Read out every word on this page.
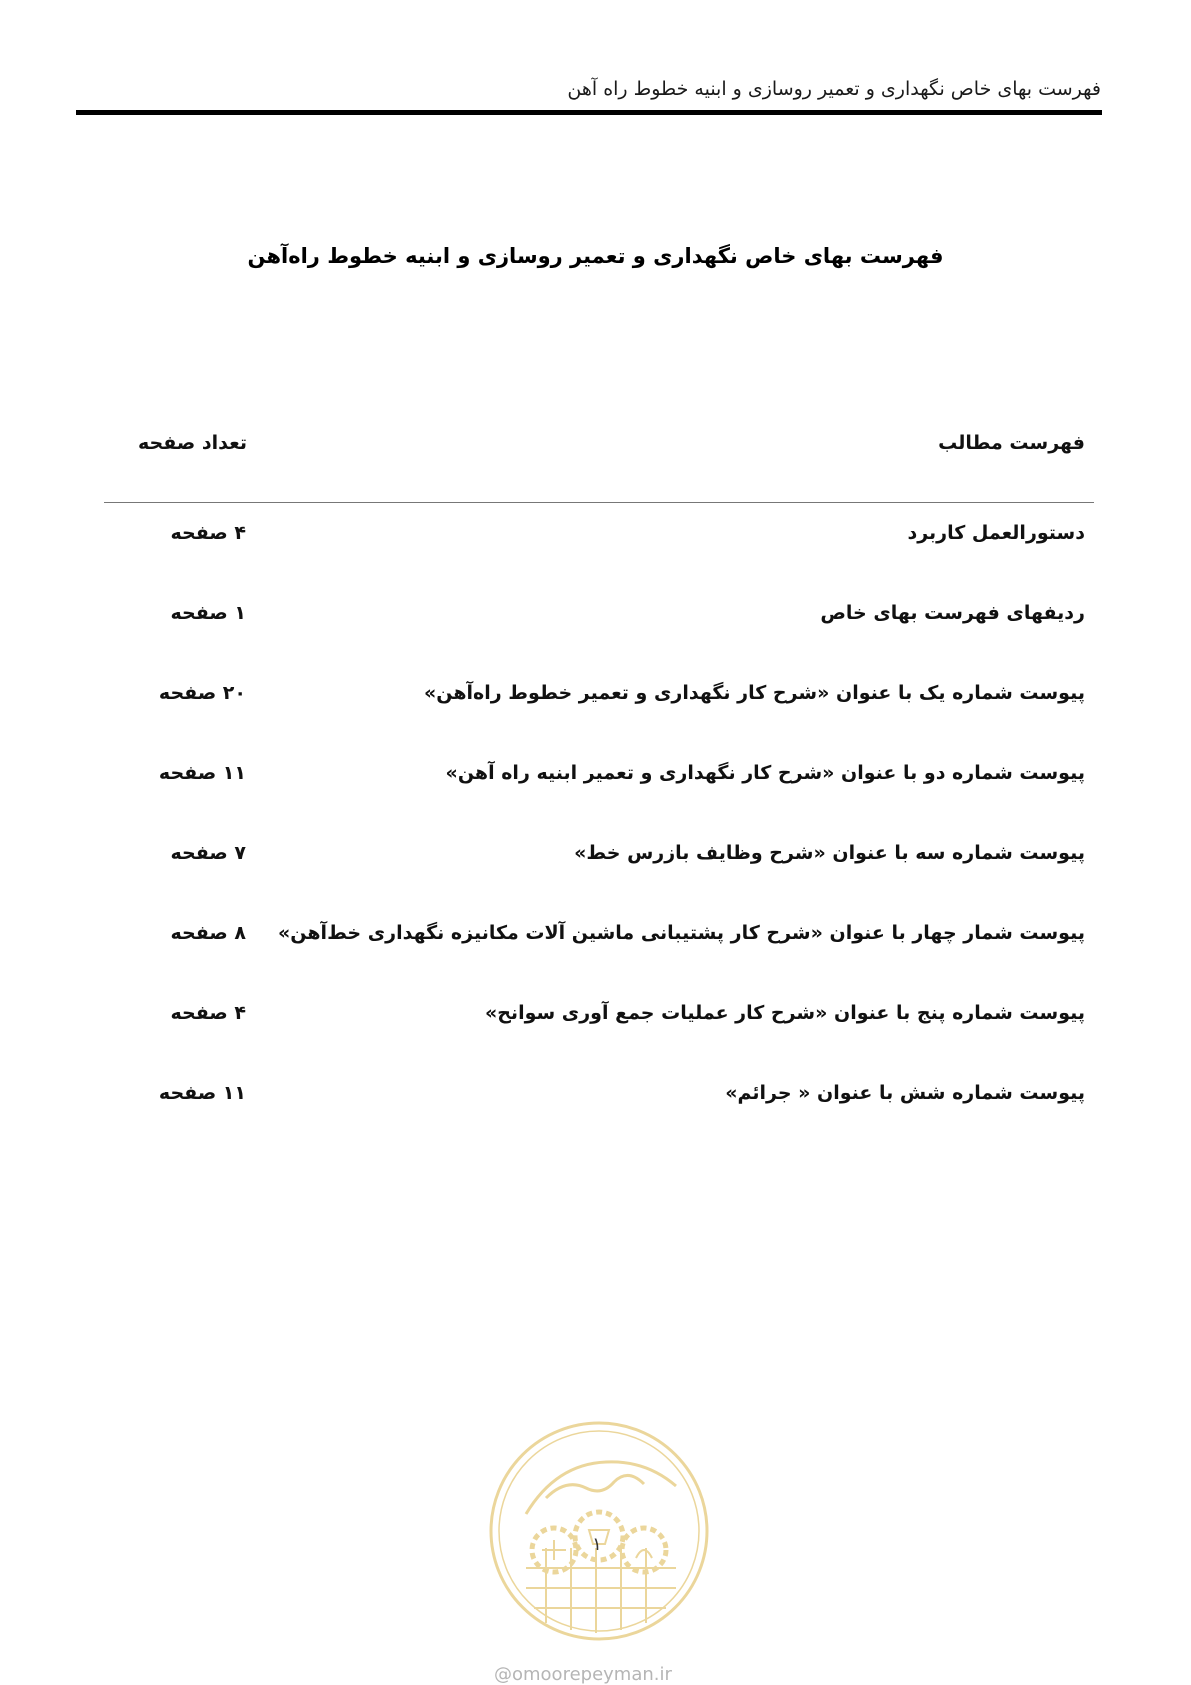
فهرست بهای خاص نگهداری و تعمیر روسازی و ابنیه خطوط راه آهن
فهرست بهای خاص نگهداری و تعمیر روسازی و ابنیه خطوط راه‌آهن
فهرست مطالب
تعداد صفحه
دستورالعمل کاربرد
۴ صفحه
ردیفهای فهرست بهای خاص
۱ صفحه
پیوست شماره یک با عنوان «شرح کار نگهداری و تعمیر خطوط راه‌آهن»
۲۰ صفحه
پیوست شماره دو با عنوان «شرح کار نگهداری و تعمیر ابنیه راه آهن»
۱۱ صفحه
پیوست شماره سه با عنوان «شرح وظایف بازرس خط»
۷ صفحه
پیوست شمار چهار با عنوان «شرح کار پشتیبانی ماشین آلات مکانیزه نگهداری خط‌آهن»
۸ صفحه
پیوست شماره پنج با عنوان «شرح کار عملیات جمع آوری سوانح»
۴ صفحه
پیوست شماره شش با عنوان « جرائم»
۱۱ صفحه
۱
@omoorepeyman.ir
